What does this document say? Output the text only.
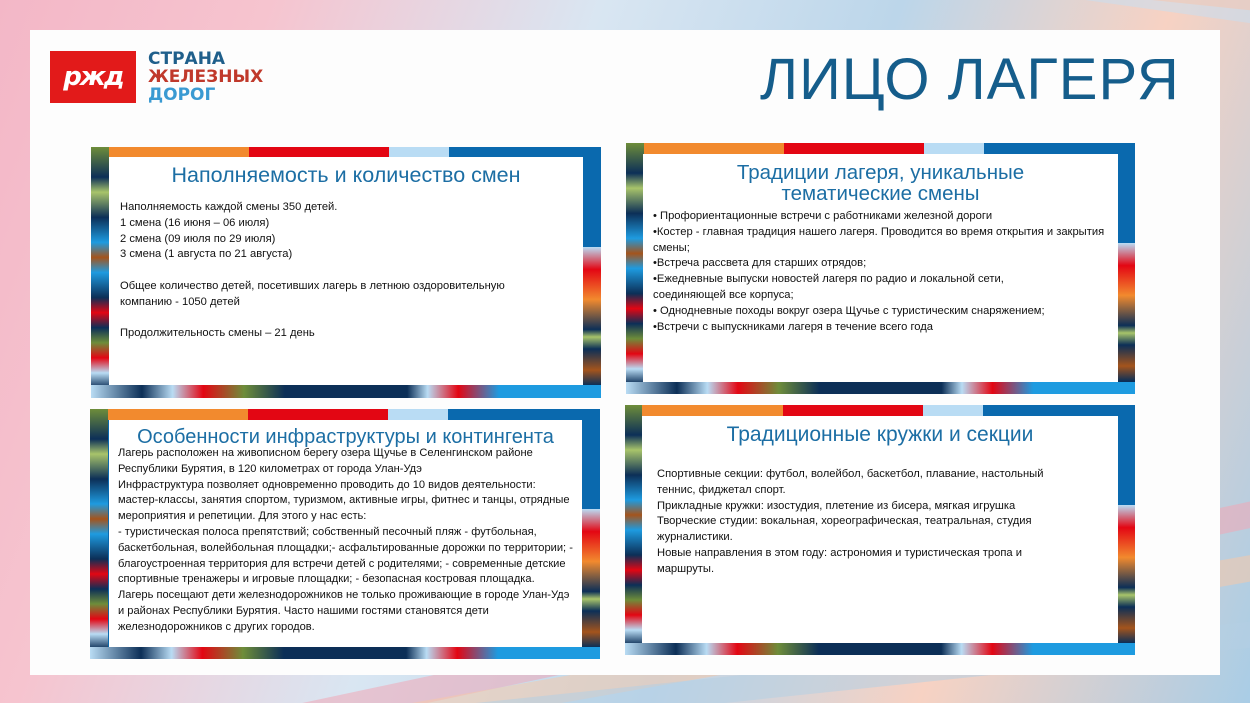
ржд
СТРАНА
ЖЕЛЕЗНЫХ
ДОРОГ	ЛИЦО ЛАГЕРЯ
Наполняемость и количество смен

Наполняемость каждой смены 350 детей.

1 смена (16 июня – 06 июля)

2 смена (09 июля по 29 июля)

3 смена (1 августа по 21 августа)

Общее количество детей, посетивших лагерь в летнюю оздоровительную компанию - 1050 детей

Продолжительность смены – 21 день

Традиции лагеря, уникальные
тематические смены

• Профориентационные встречи с работниками железной дороги

•Костер - главная традиция нашего лагеря. Проводится во время открытия и закрытия смены;

•Встреча рассвета для старших отрядов;

•Ежедневные выпуски новостей лагеря по радио и локальной сети, соединяющей все корпуса;

• Однодневные походы вокруг озера Щучье с туристическим снаряжением;

•Встречи с выпускниками лагеря в течение всего года

Особенности инфраструктуры и контингента

Лагерь расположен на живописном берегу озера Щучье в Селенгинском районе Республики Бурятия, в 120 километрах от города Улан-Удэ

Инфраструктура позволяет одновременно проводить до 10 видов деятельности: мастер-классы, занятия спортом, туризмом, активные игры, фитнес и танцы, отрядные мероприятия и репетиции. Для этого у нас есть:

- туристическая полоса препятствий; собственный песочный пляж - футбольная, баскетбольная, волейбольная площадки;- асфальтированные дорожки по территории; - благоустроенная территория для встречи детей с родителями; - современные детские спортивные тренажеры и игровые площадки; - безопасная костровая площадка.

Лагерь посещают дети железнодорожников не только проживающие в городе Улан-Удэ и районах Республики Бурятия. Часто нашими гостями становятся дети железнодорожников с других городов.

Традиционные кружки и секции

Спортивные секции: футбол, волейбол, баскетбол, плавание, настольный теннис, фиджетал спорт.

Прикладные кружки: изостудия, плетение из бисера, мягкая игрушка

Творческие студии: вокальная, хореографическая, театральная, студия журналистики.

Новые направления в этом году: астрономия и туристическая тропа и маршруты.
